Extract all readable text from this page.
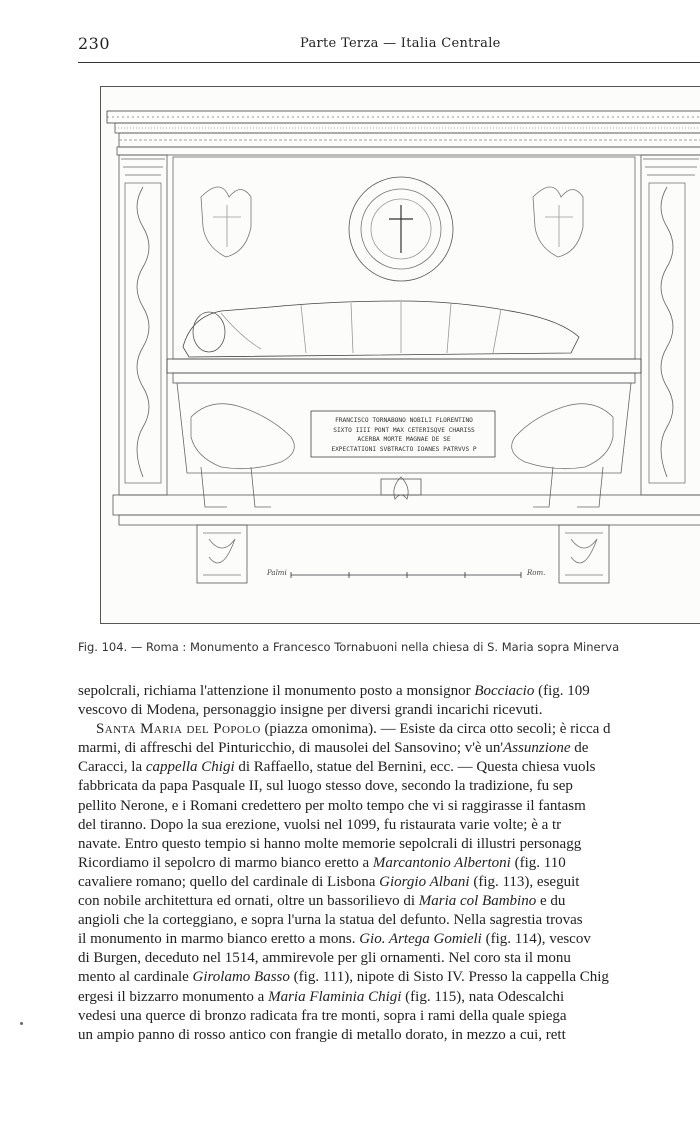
230	Parte Terza — Italia Centrale
FRANCISCO TORNABONO NOBILI FLORENTINO
SIXTO IIII PONT MAX CETERISQVE CHARISS
ACERBA MORTE MAGNAE DE SE
EXPECTATIONI SVBTRACTO IOANES PATRVVS P
Palmi	Rom.
Fig. 104. — Roma : Monumento a Francesco Tornabuoni nella chiesa di S. Maria sopra Minerva
sepolcrali, richiama l'attenzione il monumento posto a monsignor Bocciacio (fig. 109
vescovo di Modena, personaggio insigne per diversi grandi incarichi ricevuti.
Santa Maria del Popolo (piazza omonima). — Esiste da circa otto secoli; è ricca d
marmi, di affreschi del Pinturicchio, di mausolei del Sansovino; v'è un'Assunzione de
Caracci, la cappella Chigi di Raffaello, statue del Bernini, ecc. — Questa chiesa vuols
fabbricata da papa Pasquale II, sul luogo stesso dove, secondo la tradizione, fu sep
pellito Nerone, e i Romani credettero per molto tempo che vi si raggirasse il fantasm
del tiranno. Dopo la sua erezione, vuolsi nel 1099, fu ristaurata varie volte; è a tr
navate. Entro questo tempio si hanno molte memorie sepolcrali di illustri personagg
Ricordiamo il sepolcro di marmo bianco eretto a Marcantonio Albertoni (fig. 110
cavaliere romano; quello del cardinale di Lisbona Giorgio Albani (fig. 113), eseguit
con nobile architettura ed ornati, oltre un bassorilievo di Maria col Bambino e du
angioli che la corteggiano, e sopra l'urna la statua del defunto. Nella sagrestia trovas
il monumento in marmo bianco eretto a mons. Gio. Artega Gomieli (fig. 114), vescov
di Burgen, deceduto nel 1514, ammirevole per gli ornamenti. Nel coro sta il monu
mento al cardinale Girolamo Basso (fig. 111), nipote di Sisto IV. Presso la cappella Chig
ergesi il bizzarro monumento a Maria Flaminia Chigi (fig. 115), nata Odescalchi
vedesi una querce di bronzo radicata fra tre monti, sopra i rami della quale spiega
un ampio panno di rosso antico con frangie di metallo dorato, in mezzo a cui, rett
